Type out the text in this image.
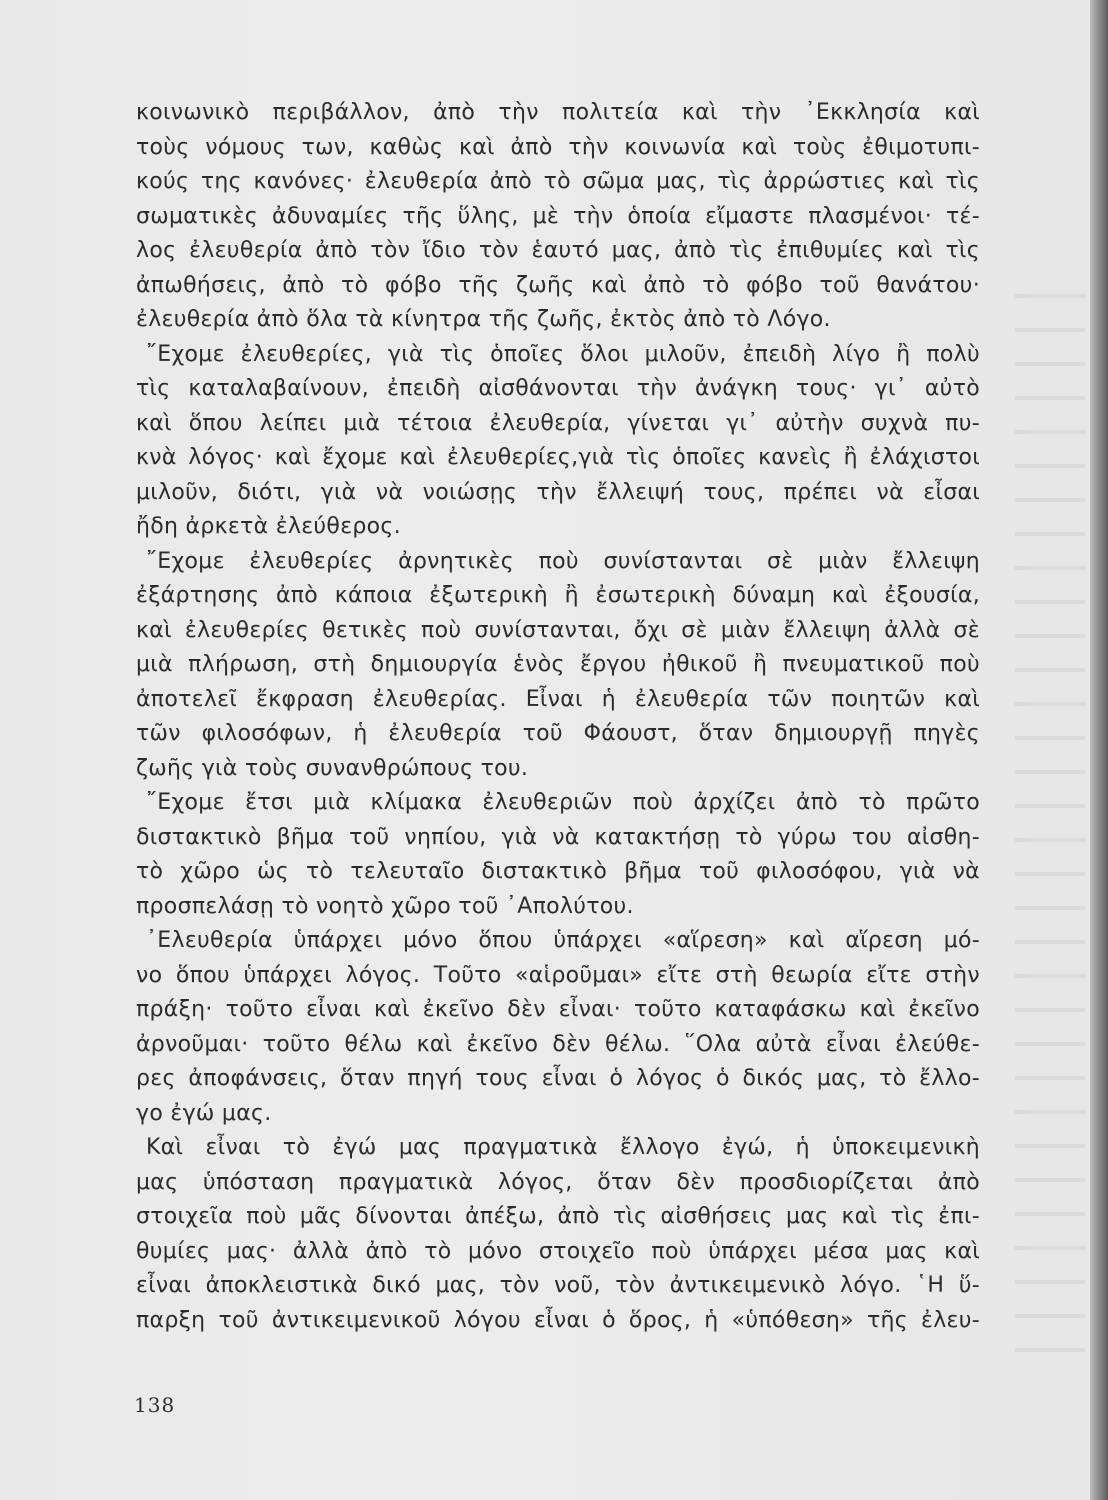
κοινωνικὸ περιβάλλον, ἀπὸ τὴν πολιτεία καὶ τὴν ᾿Εκκλησία καὶ
τοὺς νόμους των, καθὼς καὶ ἀπὸ τὴν κοινωνία καὶ τοὺς ἐθιμοτυπι-
κούς της κανόνες· ἐλευθερία ἀπὸ τὸ σῶμα μας, τὶς ἀρρώστιες καὶ τὶς
σωματικὲς ἀδυναμίες τῆς ὕλης, μὲ τὴν ὁποία εἴμαστε πλασμένοι· τέ-
λος ἐλευθερία ἀπὸ τὸν ἴδιο τὸν ἑαυτό μας, ἀπὸ τὶς ἐπιθυμίες καὶ τὶς
ἀπωθήσεις, ἀπὸ τὸ φόβο τῆς ζωῆς καὶ ἀπὸ τὸ φόβο τοῦ θανάτου·
ἐλευθερία ἀπὸ ὅλα τὰ κίνητρα τῆς ζωῆς, ἐκτὸς ἀπὸ τὸ Λόγο.
῎Εχομε ἐλευθερίες, γιὰ τὶς ὁποῖες ὅλοι μιλοῦν, ἐπειδὴ λίγο ἢ πολὺ
τὶς καταλαβαίνουν, ἐπειδὴ αἰσθάνονται τὴν ἀνάγκη τους· γι᾿ αὐτὸ
καὶ ὅπου λείπει μιὰ τέτοια ἐλευθερία, γίνεται γι᾿ αὐτὴν συχνὰ πυ-
κνὰ λόγος· καὶ ἔχομε καὶ ἐλευθερίες,γιὰ τὶς ὁποῖες κανεὶς ἢ ἐλάχιστοι
μιλοῦν, διότι, γιὰ νὰ νοιώσῃς τὴν ἔλλειψή τους, πρέπει νὰ εἶσαι
ἤδη ἀρκετὰ ἐλεύθερος.
῎Εχομε ἐλευθερίες ἀρνητικὲς ποὺ συνίστανται σὲ μιὰν ἔλλειψη
ἐξάρτησης ἀπὸ κάποια ἐξωτερικὴ ἢ ἐσωτερικὴ δύναμη καὶ ἐξουσία,
καὶ ἐλευθερίες θετικὲς ποὺ συνίστανται, ὄχι σὲ μιὰν ἔλλειψη ἀλλὰ σὲ
μιὰ πλήρωση, στὴ δημιουργία ἑνὸς ἔργου ἠθικοῦ ἢ πνευματικοῦ ποὺ
ἀποτελεῖ ἔκφραση ἐλευθερίας. Εἶναι ἡ ἐλευθερία τῶν ποιητῶν καὶ
τῶν φιλοσόφων, ἡ ἐλευθερία τοῦ Φάουστ, ὅταν δημιουργῇ πηγὲς
ζωῆς γιὰ τοὺς συνανθρώπους του.
῎Εχομε ἔτσι μιὰ κλίμακα ἐλευθεριῶν ποὺ ἀρχίζει ἀπὸ τὸ πρῶτο
διστακτικὸ βῆμα τοῦ νηπίου, γιὰ νὰ κατακτήσῃ τὸ γύρω του αἰσθη-
τὸ χῶρο ὡς τὸ τελευταῖο διστακτικὸ βῆμα τοῦ φιλοσόφου, γιὰ νὰ
προσπελάσῃ τὸ νοητὸ χῶρο τοῦ ᾿Απολύτου.
᾿Ελευθερία ὑπάρχει μόνο ὅπου ὑπάρχει «αἵρεση» καὶ αἵρεση μό-
νο ὅπου ὑπάρχει λόγος. Τοῦτο «αἱροῦμαι» εἴτε στὴ θεωρία εἴτε στὴν
πράξη· τοῦτο εἶναι καὶ ἐκεῖνο δὲν εἶναι· τοῦτο καταφάσκω καὶ ἐκεῖνο
ἀρνοῦμαι· τοῦτο θέλω καὶ ἐκεῖνο δὲν θέλω. ῞Ολα αὐτὰ εἶναι ἐλεύθε-
ρες ἀποφάνσεις, ὅταν πηγή τους εἶναι ὁ λόγος ὁ δικός μας, τὸ ἔλλο-
γο ἐγώ μας.
Καὶ εἶναι τὸ ἐγώ μας πραγματικὰ ἔλλογο ἐγώ, ἡ ὑποκειμενικὴ
μας ὑπόσταση πραγματικὰ λόγος, ὅταν δὲν προσδιορίζεται ἀπὸ
στοιχεῖα ποὺ μᾶς δίνονται ἀπέξω, ἀπὸ τὶς αἰσθήσεις μας καὶ τὶς ἐπι-
θυμίες μας· ἀλλὰ ἀπὸ τὸ μόνο στοιχεῖο ποὺ ὑπάρχει μέσα μας καὶ
εἶναι ἀποκλειστικὰ δικό μας, τὸν νοῦ, τὸν ἀντικειμενικὸ λόγο. ῾Η ὕ-
παρξη τοῦ ἀντικειμενικοῦ λόγου εἶναι ὁ ὅρος, ἡ «ὑπόθεση» τῆς ἐλευ-
138
